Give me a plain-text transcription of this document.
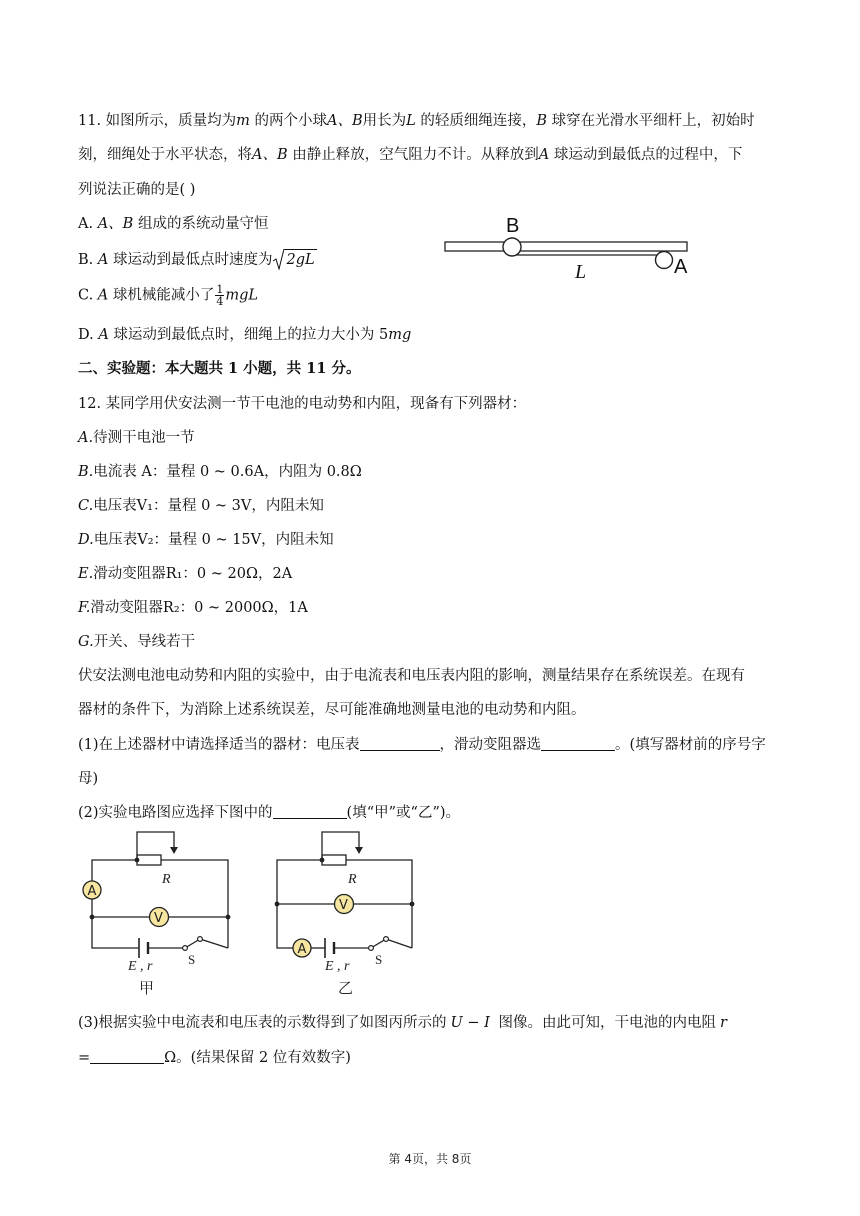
11. 如图所示，质量均为m 的两个小球A、B用长为L 的轻质细绳连接，B 球穿在光滑水平细杆上，初始时
刻，细绳处于水平状态，将A、B 由静止释放，空气阻力不计。从释放到A 球运动到最低点的过程中，下
列说法正确的是( )
A. A、B 组成的系统动量守恒
B. A 球运动到最低点时速度为 2gL
C. A 球机械能减小了 $\frac{1}{4}$ mgL
D. A 球运动到最低点时，细绳上的拉力大小为 5mg
B
L	A
二、实验题：本大题共 1 小题，共 11 分。
12. 某同学用伏安法测一节干电池的电动势和内阻，现备有下列器材：
A.待测干电池一节
B.电流表 A：量程 0 ~ 0.6A，内阻为 0.8Ω
C.电压表V₁：量程 0 ~ 3V，内阻未知
D.电压表V₂：量程 0 ~ 15V，内阻未知
E.滑动变阻器R₁：0 ~ 20Ω，2A
F.滑动变阻器R₂：0 ~ 2000Ω，1A
G.开关、导线若干
伏安法测电池电动势和内阻的实验中，由于电流表和电压表内阻的影响，测量结果存在系统误差。在现有
器材的条件下，为消除上述系统误差，尽可能准确地测量电池的电动势和内阻。
(1)在上述器材中请选择适当的器材：电压表	，滑动变阻器选	。(填写器材前的序号字
母)
(2)实验电路图应选择下图中的	(填“甲”或“乙”)。
A
V
R
E , r	S
甲
A
V
R
E , r S
乙
(3)根据实验中电流表和电压表的示数得到了如图丙所示的 U − I 图像。由此可知，干电池的内电阻 r
=	Ω。(结果保留 2 位有效数字)
第 4页，共 8页
